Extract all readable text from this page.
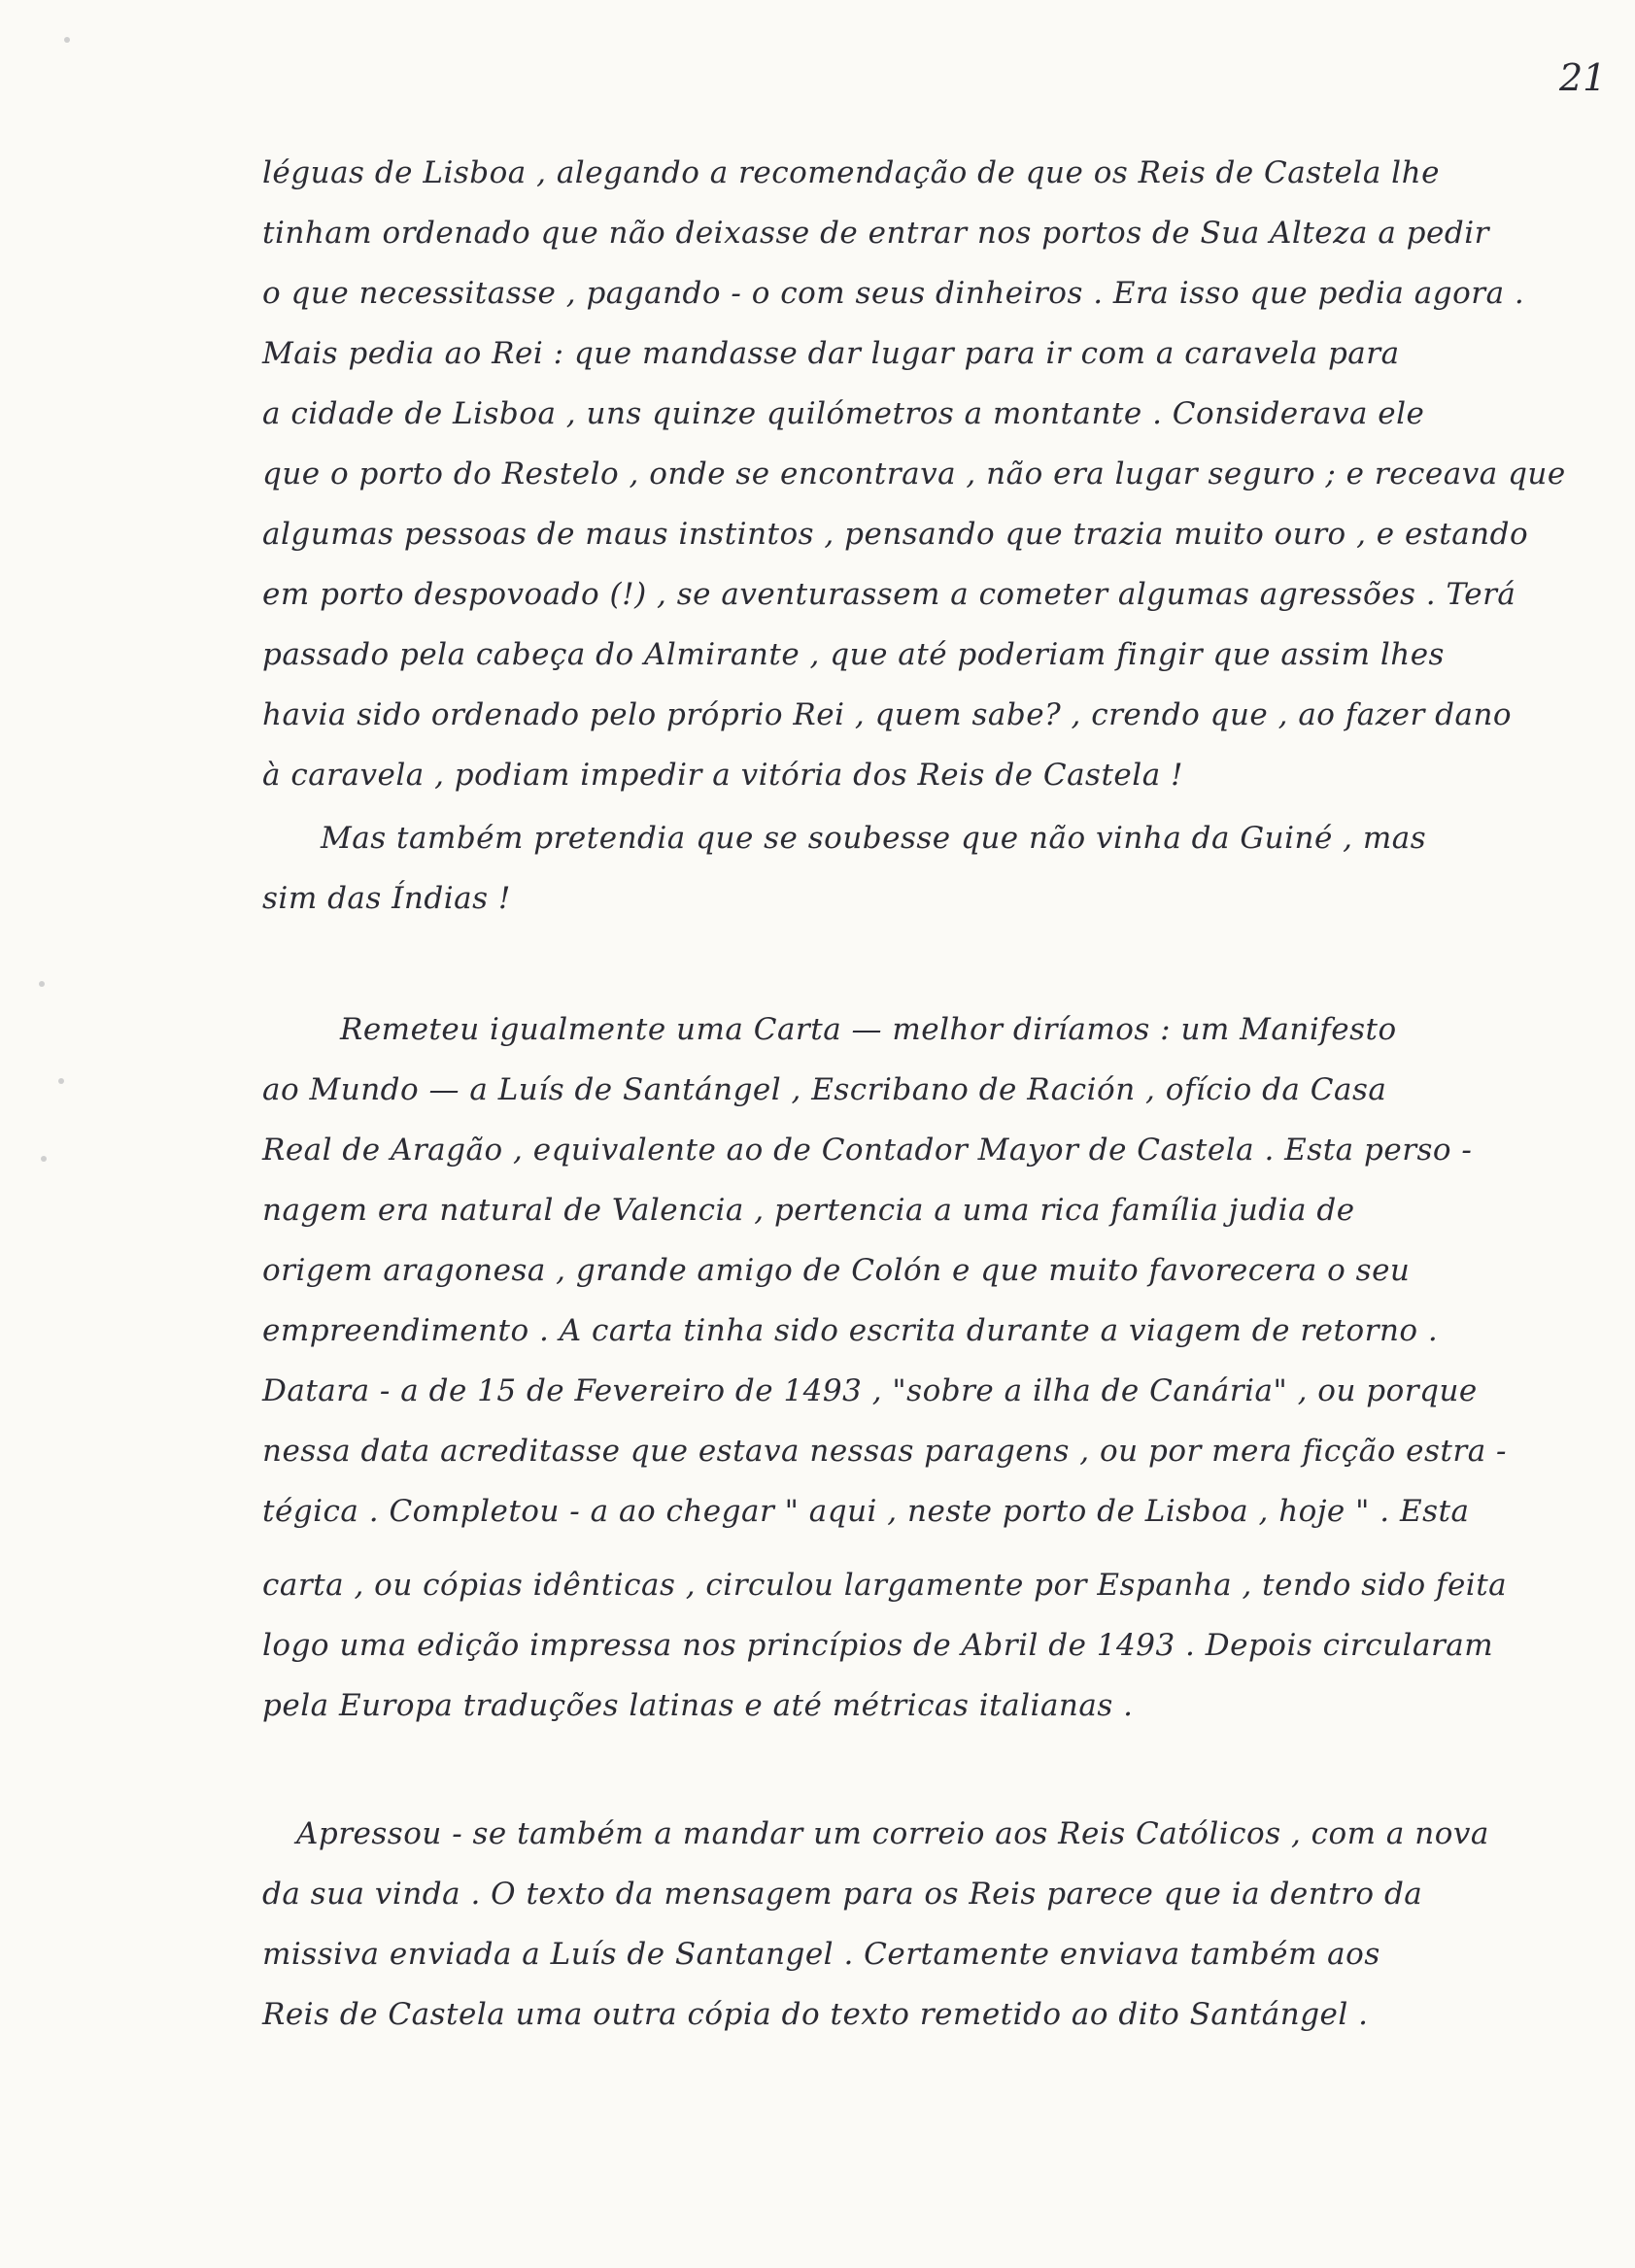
21
léguas de Lisboa , alegando a recomendação de que os Reis de Castela lhe
tinham ordenado que não deixasse de entrar nos portos de Sua Alteza a pedir
o que necessitasse , pagando - o com seus dinheiros . Era isso que pedia agora .
Mais pedia ao Rei : que mandasse dar lugar para ir com a caravela para
a cidade de Lisboa , uns quinze quilómetros a montante . Considerava ele
que o porto do Restelo , onde se encontrava , não era lugar seguro ; e receava que
algumas pessoas de maus instintos , pensando que trazia muito ouro , e estando
em porto despovoado (!) , se aventurassem a cometer algumas agressões . Terá
passado pela cabeça do Almirante , que até poderiam fingir que assim lhes
havia sido ordenado pelo próprio Rei , quem sabe? , crendo que , ao fazer dano
à caravela , podiam impedir a vitória dos Reis de Castela !
Mas também pretendia que se soubesse que não vinha da Guiné , mas
sim das Índias !
Remeteu igualmente uma Carta — melhor diríamos : um Manifesto
ao Mundo — a Luís de Santángel , Escribano de Ración , ofício da Casa
Real de Aragão , equivalente ao de Contador Mayor de Castela . Esta perso -
nagem era natural de Valencia , pertencia a uma rica família judia de
origem aragonesa , grande amigo de Colón e que muito favorecera o seu
empreendimento . A carta tinha sido escrita durante a viagem de retorno .
Datara - a de 15 de Fevereiro de 1493 , "sobre a ilha de Canária" , ou porque
nessa data acreditasse que estava nessas paragens , ou por mera ficção estra -
tégica . Completou - a ao chegar " aqui , neste porto de Lisboa , hoje " . Esta
carta , ou cópias idênticas , circulou largamente por Espanha , tendo sido feita
logo uma edição impressa nos princípios de Abril de 1493 . Depois circularam
pela Europa traduções latinas e até métricas italianas .
Apressou - se também a mandar um correio aos Reis Católicos , com a nova
da sua vinda . O texto da mensagem para os Reis parece que ia dentro da
missiva enviada a Luís de Santangel . Certamente enviava também aos
Reis de Castela uma outra cópia do texto remetido ao dito Santángel .
